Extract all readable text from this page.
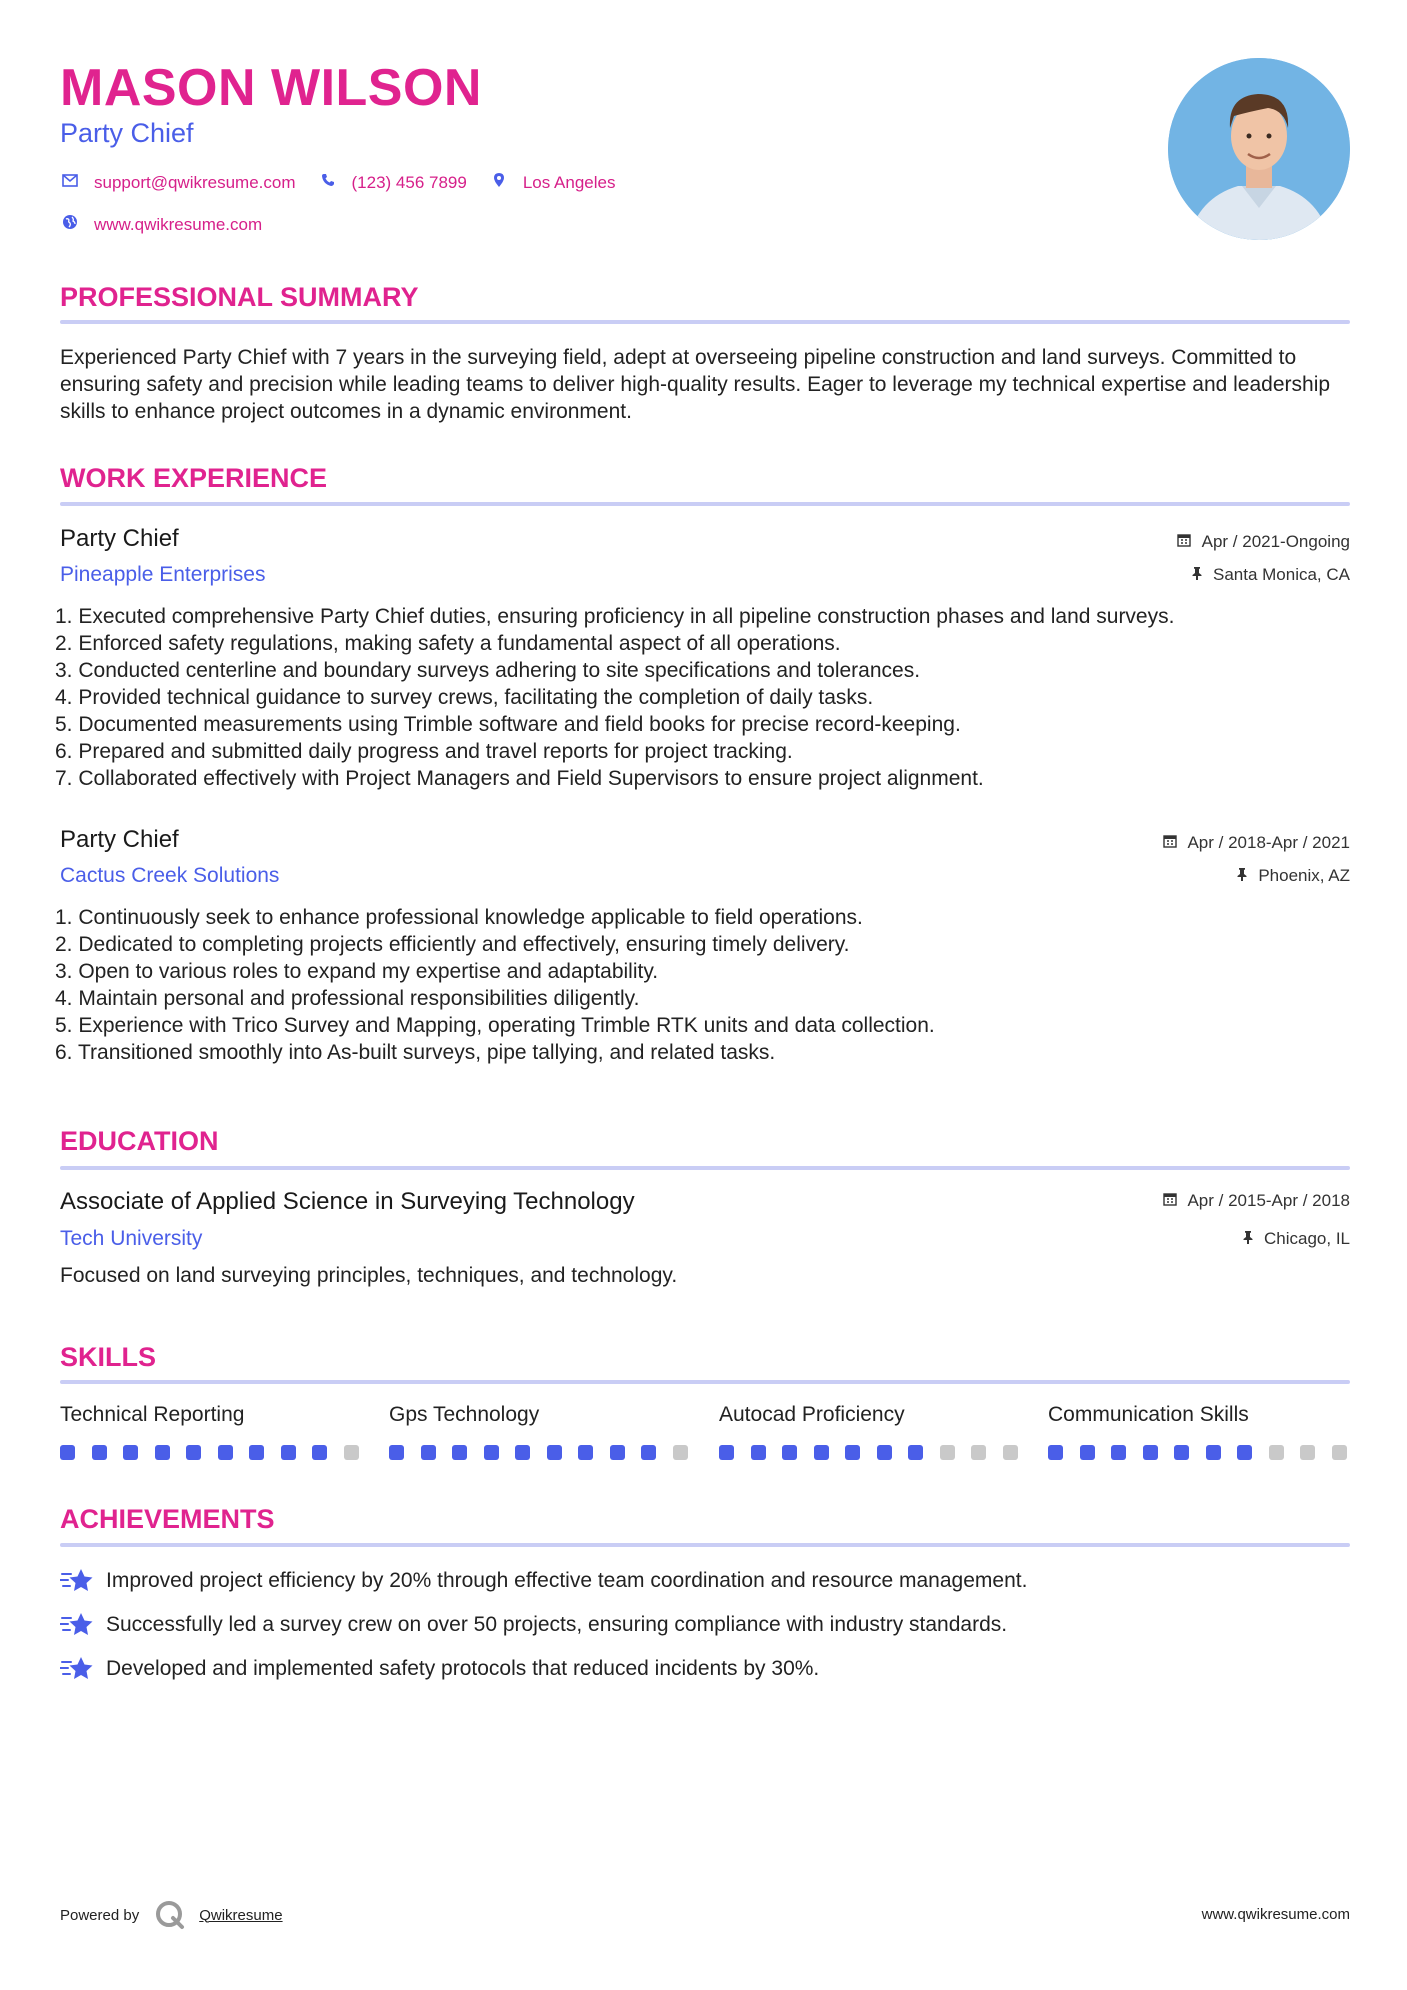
MASON WILSON
Party Chief
support@qwikresume.com	(123) 456 7899	Los Angeles
www.qwikresume.com
PROFESSIONAL SUMMARY
Experienced Party Chief with 7 years in the surveying field, adept at overseeing pipeline construction and land surveys. Committed to ensuring safety and precision while leading teams to deliver high-quality results. Eager to leverage my technical expertise and leadership skills to enhance project outcomes in a dynamic environment.
WORK EXPERIENCE
Party Chief
Pineapple Enterprises
Apr / 2021-Ongoing
Santa Monica, CA
1. Executed comprehensive Party Chief duties, ensuring proficiency in all pipeline construction phases and land surveys.
2. Enforced safety regulations, making safety a fundamental aspect of all operations.
3. Conducted centerline and boundary surveys adhering to site specifications and tolerances.
4. Provided technical guidance to survey crews, facilitating the completion of daily tasks.
5. Documented measurements using Trimble software and field books for precise record-keeping.
6. Prepared and submitted daily progress and travel reports for project tracking.
7. Collaborated effectively with Project Managers and Field Supervisors to ensure project alignment.
Party Chief
Cactus Creek Solutions
Apr / 2018-Apr / 2021
Phoenix, AZ
1. Continuously seek to enhance professional knowledge applicable to field operations.
2. Dedicated to completing projects efficiently and effectively, ensuring timely delivery.
3. Open to various roles to expand my expertise and adaptability.
4. Maintain personal and professional responsibilities diligently.
5. Experience with Trico Survey and Mapping, operating Trimble RTK units and data collection.
6. Transitioned smoothly into As-built surveys, pipe tallying, and related tasks.
EDUCATION
Associate of Applied Science in Surveying Technology
Tech University
Apr / 2015-Apr / 2018
Chicago, IL
Focused on land surveying principles, techniques, and technology.
SKILLS
Technical Reporting	Gps Technology	Autocad Proficiency	Communication Skills
ACHIEVEMENTS
Improved project efficiency by 20% through effective team coordination and resource management.
Successfully led a survey crew on over 50 projects, ensuring compliance with industry standards.
Developed and implemented safety protocols that reduced incidents by 30%.
Powered by	Qwikresume	www.qwikresume.com
